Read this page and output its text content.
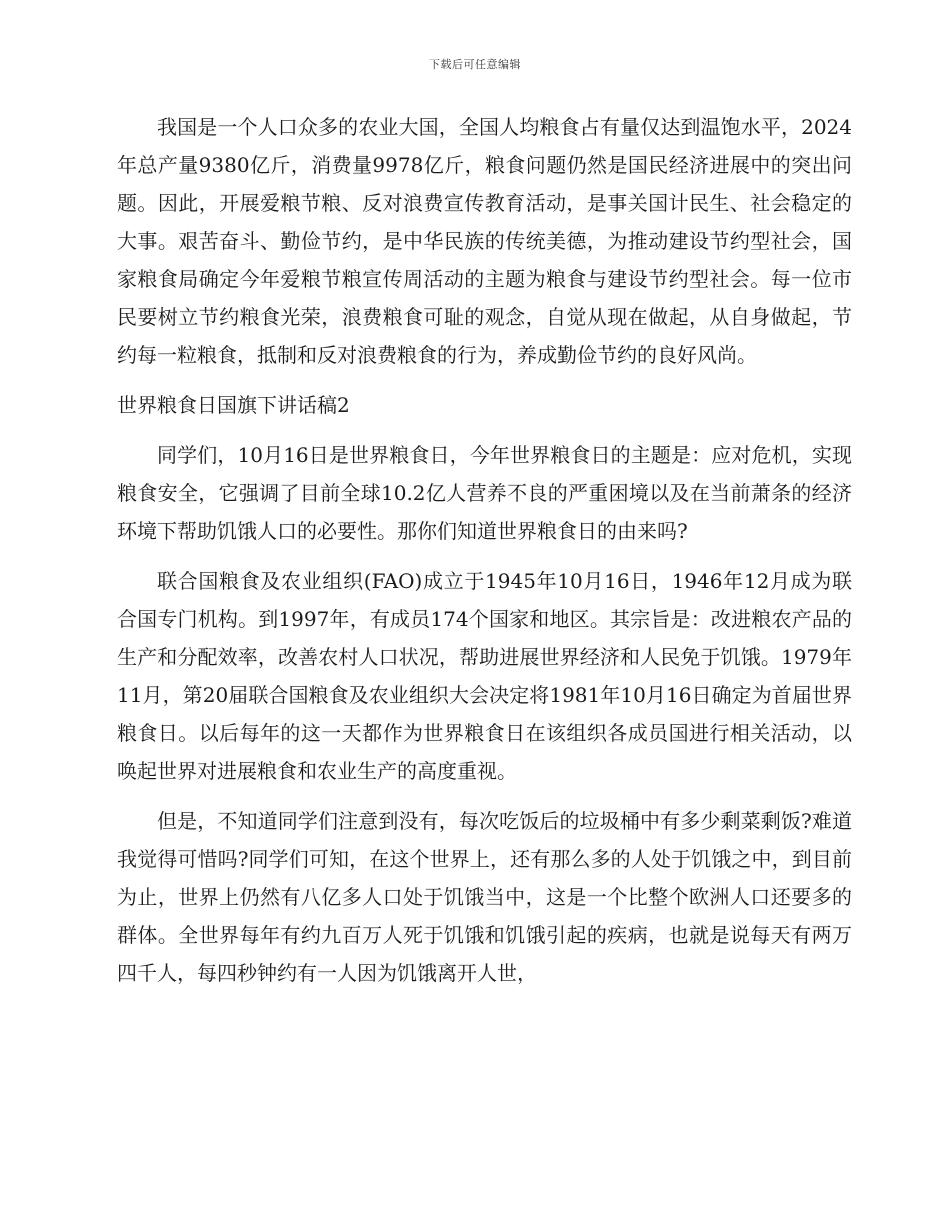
下载后可任意编辑

我国是一个人口众多的农业大国，全国人均粮食占有量仅达到温饱水平，2024年总产量9380亿斤，消费量9978亿斤，粮食问题仍然是国民经济进展中的突出问题。因此，开展爱粮节粮、反对浪费宣传教育活动，是事关国计民生、社会稳定的大事。艰苦奋斗、勤俭节约，是中华民族的传统美德，为推动建设节约型社会，国家粮食局确定今年爱粮节粮宣传周活动的主题为粮食与建设节约型社会。每一位市民要树立节约粮食光荣，浪费粮食可耻的观念，自觉从现在做起，从自身做起，节约每一粒粮食，抵制和反对浪费粮食的行为，养成勤俭节约的良好风尚。

世界粮食日国旗下讲话稿2

同学们，10月16日是世界粮食日，今年世界粮食日的主题是：应对危机，实现粮食安全，它强调了目前全球10.2亿人营养不良的严重困境以及在当前萧条的经济环境下帮助饥饿人口的必要性。那你们知道世界粮食日的由来吗?

联合国粮食及农业组织(FAO)成立于1945年10月16日，1946年12月成为联合国专门机构。到1997年，有成员174个国家和地区。其宗旨是：改进粮农产品的生产和分配效率，改善农村人口状况，帮助进展世界经济和人民免于饥饿。1979年11月，第20届联合国粮食及农业组织大会决定将1981年10月16日确定为首届世界粮食日。以后每年的这一天都作为世界粮食日在该组织各成员国进行相关活动，以唤起世界对进展粮食和农业生产的高度重视。

但是，不知道同学们注意到没有，每次吃饭后的垃圾桶中有多少剩菜剩饭?难道我觉得可惜吗?同学们可知，在这个世界上，还有那么多的人处于饥饿之中，到目前为止，世界上仍然有八亿多人口处于饥饿当中，这是一个比整个欧洲人口还要多的群体。全世界每年有约九百万人死于饥饿和饥饿引起的疾病，也就是说每天有两万四千人，每四秒钟约有一人因为饥饿离开人世，
